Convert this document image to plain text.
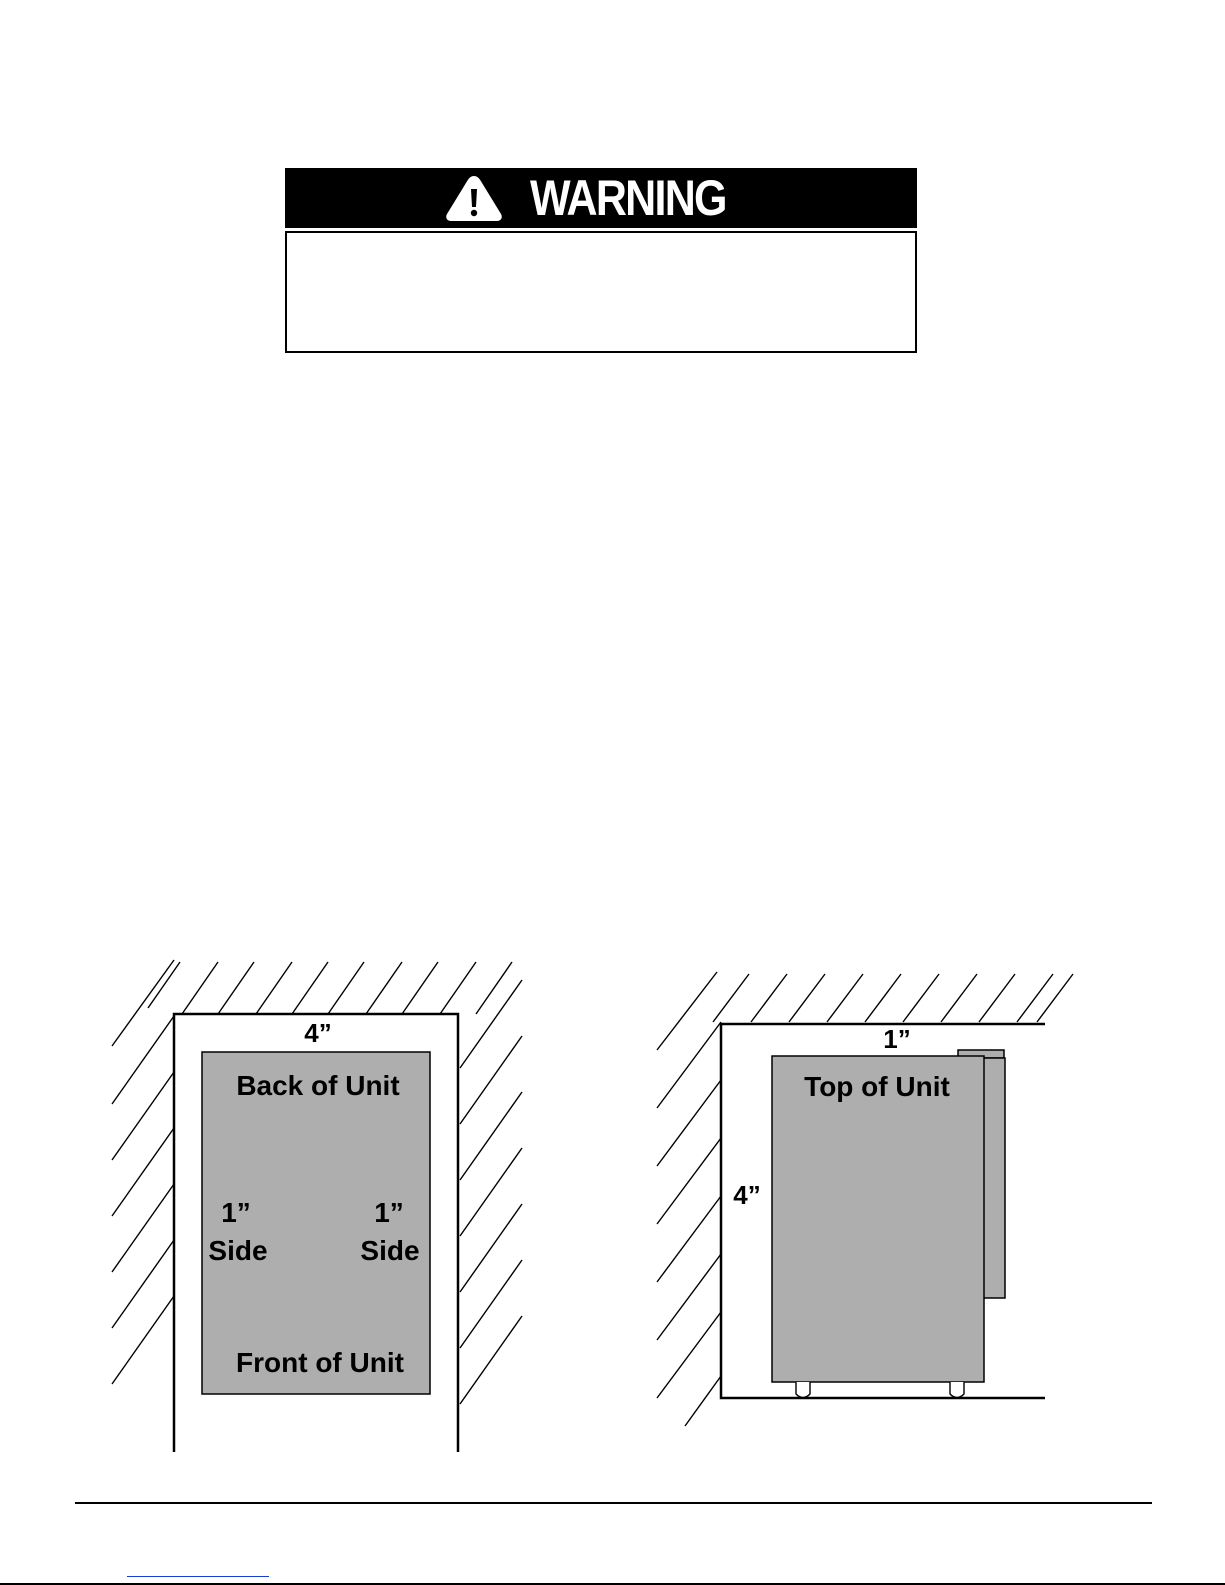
WARNING
4”
Back of Unit
1”
Side
1”
Side
Front of Unit
1”
Top of Unit
4”
